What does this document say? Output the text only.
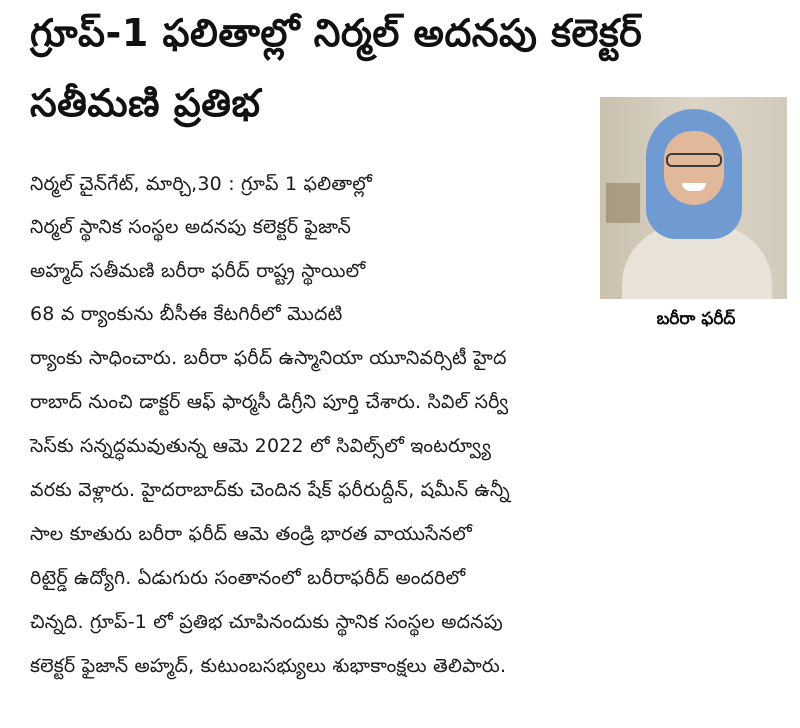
గ్రూప్-1 ఫలితాల్లో నిర్మల్ అదనపు కలెక్టర్
సతీమణి ప్రతిభ
బరీరా ఫరీద్
నిర్మల్ చైన్‌గేట్, మార్చి,30 : గ్రూప్ 1 ఫలితాల్లో
నిర్మల్ స్థానిక సంస్థల అదనపు కలెక్టర్ ఫైజాన్
అహ్మద్ సతీమణి బరీరా ఫరీద్ రాష్ట్ర స్థాయిలో
68 వ ర్యాంకును బీసీఈ కేటగిరీలో మొదటి
ర్యాంకు సాధించారు. బరీరా ఫరీద్ ఉస్మానియా యూనివర్సిటీ హైద
రాబాద్ నుంచి డాక్టర్ ఆఫ్ ఫార్మసీ డిగ్రీని పూర్తి చేశారు. సివిల్ సర్వీ
సెస్‌కు సన్నద్ధమవుతున్న ఆమె 2022 లో సివిల్స్‌లో ఇంటర్వ్యూ
వరకు వెళ్లారు. హైదరాబాద్‌కు చెందిన షేక్ ఫరీరుద్దీన్, షమీన్ ఉన్నీ
సాల కూతురు బరీరా ఫరీద్ ఆమె తండ్రి భారత వాయుసేనలో
రిటైర్డ్ ఉద్యోగి. ఏడుగురు సంతానంలో బరీరాఫరీద్ అందరిలో
చిన్నది. గ్రూప్-1 లో ప్రతిభ చూపినందుకు స్థానిక సంస్థల అదనపు
కలెక్టర్ ఫైజాన్ అహ్మద్, కుటుంబసభ్యులు శుభాకాంక్షలు తెలిపారు.
